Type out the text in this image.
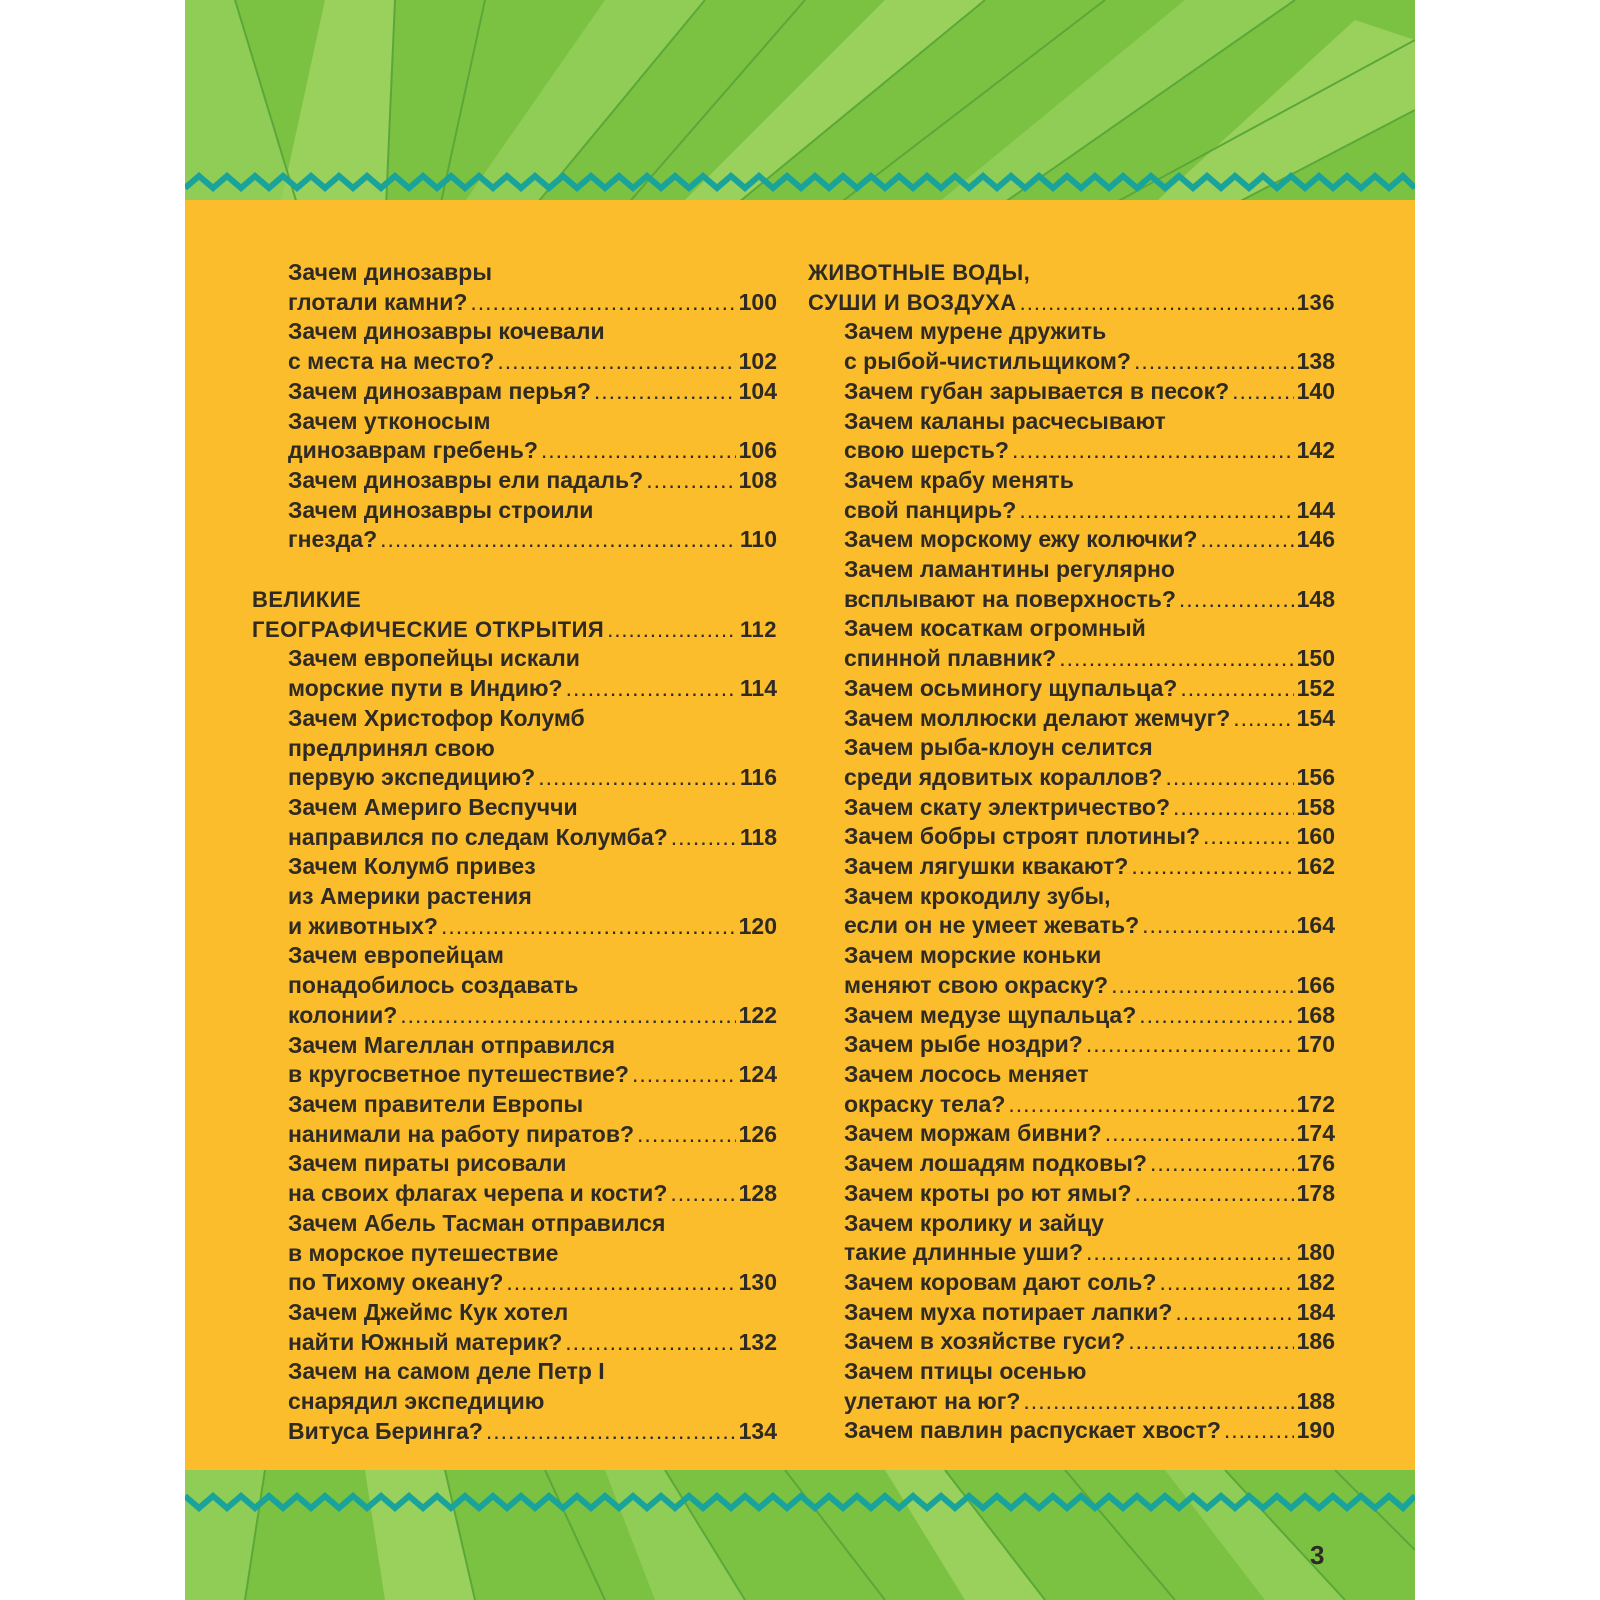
Зачем динозавры
глотали камни? .....	100
Зачем динозавры кочевали
с места на место? .....	102
Зачем динозаврам перья? .....	104
Зачем утконосым
динозаврам гребень? .....	106
Зачем динозавры ели падаль? .....	108
Зачем динозавры строили
гнезда? .....	110
ВЕЛИКИЕ
ГЕОГРАФИЧЕСКИЕ ОТКРЫТИЯ .....	112
Зачем европейцы искали
морские пути в Индию? .....	114
Зачем Христофор Колумб
предлринял свою
первую экспедицию? .....	116
Зачем Америго Веспуччи
направился по следам Колумба? .....	118
Зачем Колумб привез
из Америки растения
и животных? .....	120
Зачем европейцам
понадобилось создавать
колонии? .....	122
Зачем Магеллан отправился
в кругосветное путешествие? .....	124
Зачем правители Европы
нанимали на работу пиратов? .....	126
Зачем пираты рисовали
на своих флагах черепа и кости? .....	128
Зачем Абель Тасман отправился
в морское путешествие
по Тихому океану? .....	130
Зачем Джеймс Кук хотел
найти Южный материк? .....	132
Зачем на самом деле Петр I
снарядил экспедицию
Витуса Беринга? .....	134
ЖИВОТНЫЕ ВОДЫ,
СУШИ И ВОЗДУХА .....	136
Зачем мурене дружить
с рыбой-чистильщиком? .....	138
Зачем губан зарывается в песок? .....	140
Зачем каланы расчесывают
свою шерсть? .....	142
Зачем крабу менять
свой панцирь? .....	144
Зачем морскому ежу колючки? .....	146
Зачем ламантины регулярно
всплывают на поверхность? .....	148
Зачем косаткам огромный
спинной плавник? .....	150
Зачем осьминогу щупальца? .....	152
Зачем моллюски делают жемчуг? .....	154
Зачем рыба-клоун селится
среди ядовитых кораллов? .....	156
Зачем скату электричество? .....	158
Зачем бобры строят плотины? .....	160
Зачем лягушки квакают? .....	162
Зачем крокодилу зубы,
если он не умеет жевать? .....	164
Зачем морские коньки
меняют свою окраску? .....	166
Зачем медузе щупальца? .....	168
Зачем рыбе ноздри? .....	170
Зачем лосось меняет
окраску тела? .....	172
Зачем моржам бивни? .....	174
Зачем лошадям подковы? .....	176
Зачем кроты ро ют ямы? .....	178
Зачем кролику и зайцу
такие длинные уши? .....	180
Зачем коровам дают соль? .....	182
Зачем муха потирает лапки? .....	184
Зачем в хозяйстве гуси? .....	186
Зачем птицы осенью
улетают на юг? .....	188
Зачем павлин распускает хвост? .....	190
3
